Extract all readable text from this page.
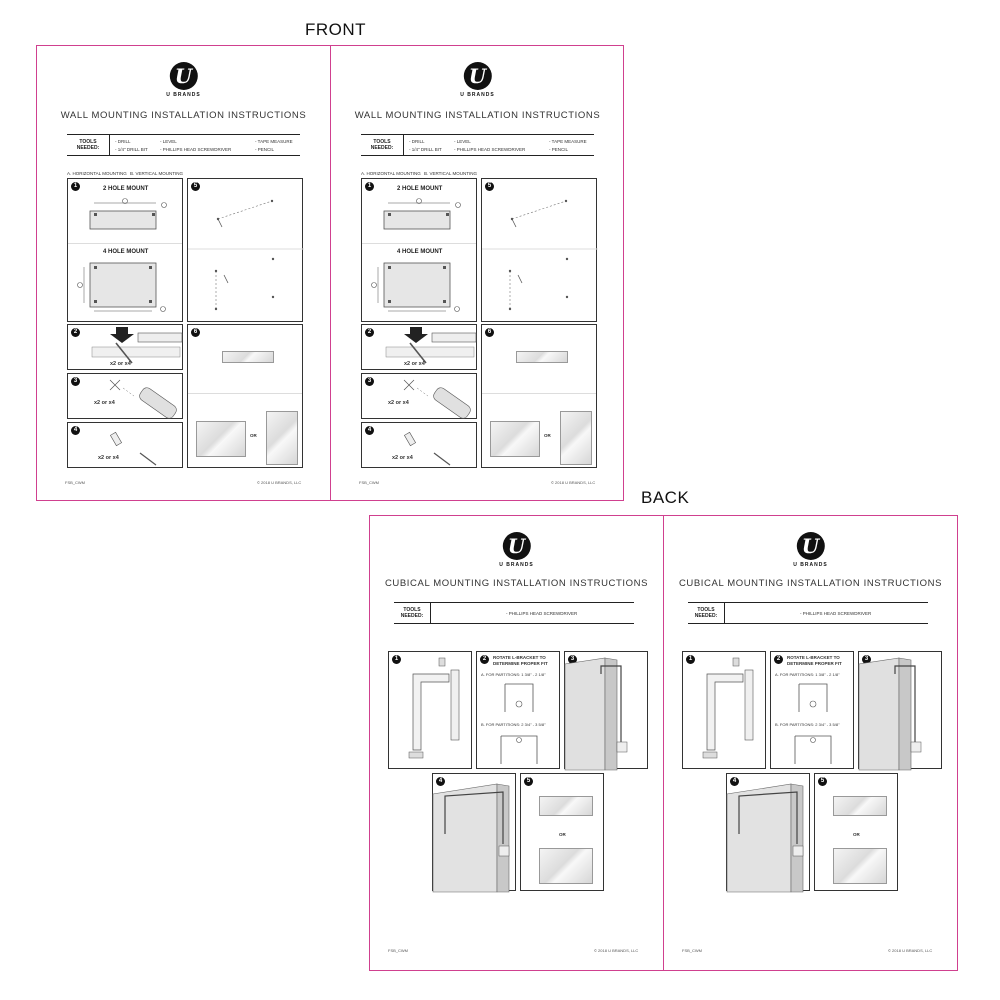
FRONT
BACK
U
U BRANDS
WALL MOUNTING INSTALLATION INSTRUCTIONS
TOOLS
NEEDED:
- DRILL
- 1/4" DRILL BIT
- LEVEL
- PHILLIPS HEAD SCREWDRIVER
- TAPE MEASURE
- PENCIL
A. HORIZONTAL MOUNTING B. VERTICAL MOUNTING
1	2 HOLE MOUNT
4 HOLE MOUNT
5
2
x2 or x4
3
x2 or x4
4
x2 or x4
6
OR
FSB_CWM	© 2018 U BRANDS, LLC
U
U BRANDS
WALL MOUNTING INSTALLATION INSTRUCTIONS
TOOLS
NEEDED:
- DRILL
- 1/4" DRILL BIT
- LEVEL
- PHILLIPS HEAD SCREWDRIVER
- TAPE MEASURE
- PENCIL
A. HORIZONTAL MOUNTING B. VERTICAL MOUNTING
1	2 HOLE MOUNT
4 HOLE MOUNT
5
2
x2 or x4
3
x2 or x4
4
x2 or x4
6
OR
FSB_CWM	© 2018 U BRANDS, LLC
U
U BRANDS
CUBICAL MOUNTING INSTALLATION INSTRUCTIONS
TOOLS
NEEDED:	- PHILLIPS HEAD SCREWDRIVER
1	2	ROTATE L-BRACKET TO
DETERMINE PROPER FIT
A. FOR PARTITIONS: 1 3/8" - 2 1/8"
B. FOR PARTITIONS: 2 3/4" - 3 5/8"
3
4	5
OR
FSB_CWM	© 2018 U BRANDS, LLC
U
U BRANDS
CUBICAL MOUNTING INSTALLATION INSTRUCTIONS
TOOLS
NEEDED:	- PHILLIPS HEAD SCREWDRIVER
1	2	ROTATE L-BRACKET TO
DETERMINE PROPER FIT
A. FOR PARTITIONS: 1 3/8" - 2 1/8"
B. FOR PARTITIONS: 2 3/4" - 3 5/8"
3
4	5
OR
FSB_CWM	© 2018 U BRANDS, LLC
